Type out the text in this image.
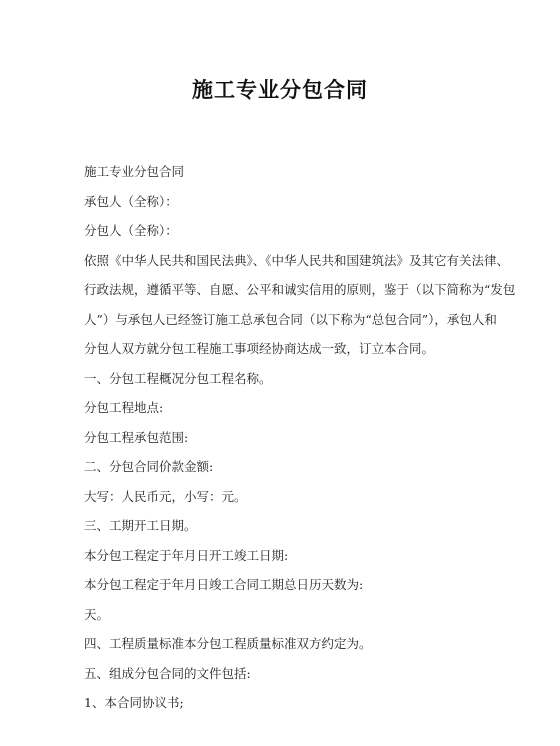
施工专业分包合同

施工专业分包合同

承包人（全称）：

分包人（全称）：

依照《中华人民共和国民法典》、《中华人民共和国建筑法》及其它有关法律、
行政法规，遵循平等、自愿、公平和诚实信用的原则，鉴于（以下简称为“发包
人”）与承包人已经签订施工总承包合同（以下称为“总包合同”），承包人和
分包人双方就分包工程施工事项经协商达成一致，订立本合同。

一、分包工程概况分包工程名称。

分包工程地点:

分包工程承包范围:

二、分包合同价款金额:

大写：人民币元，小写：元。

三、工期开工日期。

本分包工程定于年月日开工竣工日期:

本分包工程定于年月日竣工合同工期总日历天数为:

天。

四、工程质量标准本分包工程质量标准双方约定为。

五、组成分包合同的文件包括:

1、本合同协议书;
